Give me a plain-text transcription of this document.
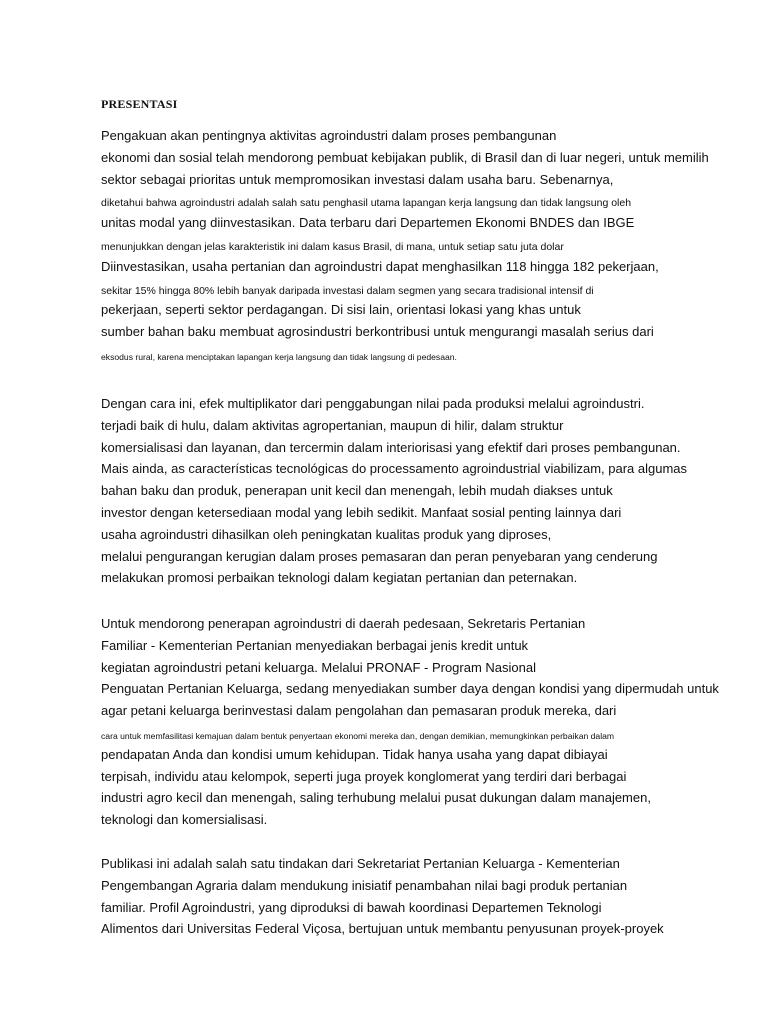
PRESENTASI
Pengakuan akan pentingnya aktivitas agroindustri dalam proses pembangunan
ekonomi dan sosial telah mendorong pembuat kebijakan publik, di Brasil dan di luar negeri, untuk memilih
sektor sebagai prioritas untuk mempromosikan investasi dalam usaha baru. Sebenarnya,
diketahui bahwa agroindustri adalah salah satu penghasil utama lapangan kerja langsung dan tidak langsung oleh
unitas modal yang diinvestasikan. Data terbaru dari Departemen Ekonomi BNDES dan IBGE
menunjukkan dengan jelas karakteristik ini dalam kasus Brasil, di mana, untuk setiap satu juta dolar
Diinvestasikan, usaha pertanian dan agroindustri dapat menghasilkan 118 hingga 182 pekerjaan,
sekitar 15% hingga 80% lebih banyak daripada investasi dalam segmen yang secara tradisional intensif di
pekerjaan, seperti sektor perdagangan. Di sisi lain, orientasi lokasi yang khas untuk
sumber bahan baku membuat agrosindustri berkontribusi untuk mengurangi masalah serius dari
eksodus rural, karena menciptakan lapangan kerja langsung dan tidak langsung di pedesaan.
Dengan cara ini, efek multiplikator dari penggabungan nilai pada produksi melalui agroindustri.
terjadi baik di hulu, dalam aktivitas agropertanian, maupun di hilir, dalam struktur
komersialisasi dan layanan, dan tercermin dalam interiorisasi yang efektif dari proses pembangunan.
Mais ainda, as características tecnológicas do processamento agroindustrial viabilizam, para algumas
bahan baku dan produk, penerapan unit kecil dan menengah, lebih mudah diakses untuk
investor dengan ketersediaan modal yang lebih sedikit. Manfaat sosial penting lainnya dari
usaha agroindustri dihasilkan oleh peningkatan kualitas produk yang diproses,
melalui pengurangan kerugian dalam proses pemasaran dan peran penyebaran yang cenderung
melakukan promosi perbaikan teknologi dalam kegiatan pertanian dan peternakan.
Untuk mendorong penerapan agroindustri di daerah pedesaan, Sekretaris Pertanian
Familiar - Kementerian Pertanian menyediakan berbagai jenis kredit untuk
kegiatan agroindustri petani keluarga. Melalui PRONAF - Program Nasional
Penguatan Pertanian Keluarga, sedang menyediakan sumber daya dengan kondisi yang dipermudah untuk
agar petani keluarga berinvestasi dalam pengolahan dan pemasaran produk mereka, dari
cara untuk memfasilitasi kemajuan dalam bentuk penyertaan ekonomi mereka dan, dengan demikian, memungkinkan perbaikan dalam
pendapatan Anda dan kondisi umum kehidupan. Tidak hanya usaha yang dapat dibiayai
terpisah, individu atau kelompok, seperti juga proyek konglomerat yang terdiri dari berbagai
industri agro kecil dan menengah, saling terhubung melalui pusat dukungan dalam manajemen,
teknologi dan komersialisasi.
Publikasi ini adalah salah satu tindakan dari Sekretariat Pertanian Keluarga - Kementerian
Pengembangan Agraria dalam mendukung inisiatif penambahan nilai bagi produk pertanian
familiar. Profil Agroindustri, yang diproduksi di bawah koordinasi Departemen Teknologi
Alimentos dari Universitas Federal Viçosa, bertujuan untuk membantu penyusunan proyek-proyek
